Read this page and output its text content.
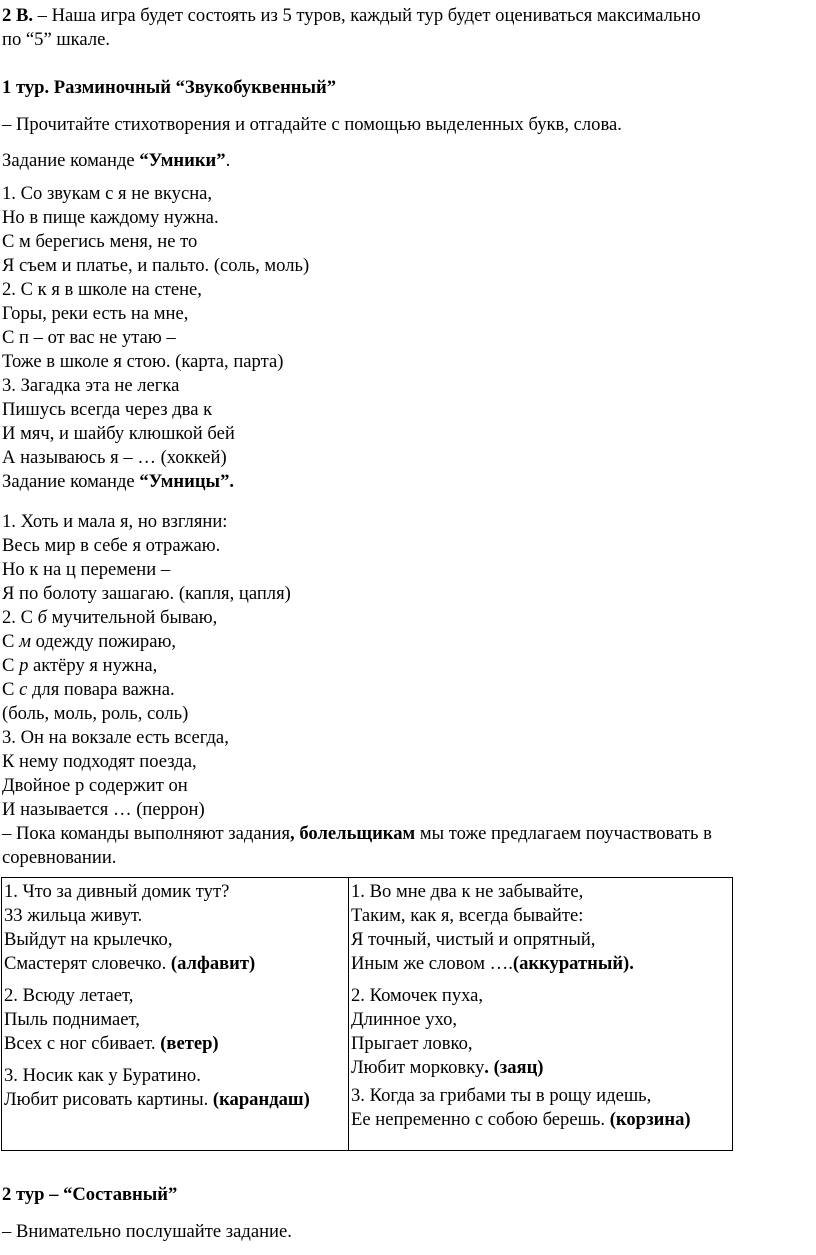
2 В. – Наша игра будет состоять из 5 туров, каждый тур будет оцениваться максимально
по “5” шкале.
1 тур. Разминочный “Звукобуквенный”
– Прочитайте стихотворения и отгадайте с помощью выделенных букв, слова.
Задание команде “Умники”.
1. Со звукам с я не вкусна,
Но в пище каждому нужна.
С м берегись меня, не то
Я съем и платье, и пальто. (соль, моль)
2. С к я в школе на стене,
Горы, реки есть на мне,
С п – от вас не утаю –
Тоже в школе я стою. (карта, парта)
3. Загадка эта не легка
Пишусь всегда через два к
И мяч, и шайбу клюшкой бей
А называюсь я – … (хоккей)
Задание команде “Умницы”.
1. Хоть и мала я, но взгляни:
Весь мир в себе я отражаю.
Но к на ц перемени –
Я по болоту зашагаю. (капля, цапля)
2. С б мучительной бываю,
С м одежду пожираю,
С р актёру я нужна,
С с для повара важна.
(боль, моль, роль, соль)
3. Он на вокзале есть всегда,
К нему подходят поезда,
Двойное р содержит он
И называется … (перрон)
– Пока команды выполняют задания, болельщикам мы тоже предлагаем поучаствовать в
соревновании.
1. Что за дивный домик тут?
33 жильца живут.
Выйдут на крылечко,
Смастерят словечко. (алфавит)
2. Всюду летает,
Пыль поднимает,
Всех с ног сбивает. (ветер)
3. Носик как у Буратино.
Любит рисовать картины. (карандаш)

1. Во мне два к не забывайте,
Таким, как я, всегда бывайте:
Я точный, чистый и опрятный,
Иным же словом ….(аккуратный).
2. Комочек пуха,
Длинное ухо,
Прыгает ловко,
Любит морковку. (заяц)
3. Когда за грибами ты в рощу идешь,
Ее непременно с собою берешь. (корзина)
2 тур – “Составный”
– Внимательно послушайте задание.
